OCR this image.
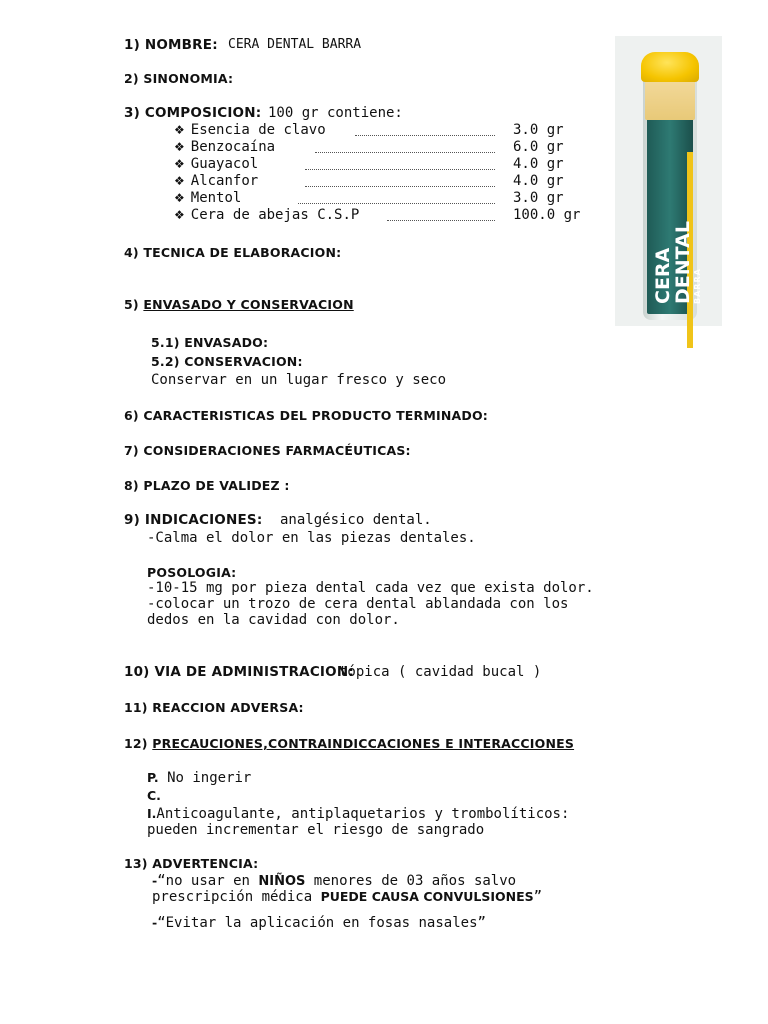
1) NOMBRE: CERA DENTAL BARRA
2) SINONOMIA:
3) COMPOSICION: 100 gr contiene:
❖ Esencia de clavo	3.0 gr
❖ Benzocaína	6.0 gr
❖ Guayacol	4.0 gr
❖ Alcanfor	4.0 gr
❖ Mentol	3.0 gr
❖ Cera de abejas C.S.P	100.0 gr
4) TECNICA DE ELABORACION:
5) ENVASADO Y CONSERVACION
5.1) ENVASADO:
5.2) CONSERVACION:
Conservar en un lugar fresco y seco
6) CARACTERISTICAS DEL PRODUCTO TERMINADO:
7) CONSIDERACIONES FARMACÉUTICAS:
8) PLAZO DE VALIDEZ :
9) INDICACIONES: analgésico dental.
-Calma el dolor en las piezas dentales.
POSOLOGIA:
-10-15 mg por pieza dental cada vez que exista dolor.
-colocar un trozo de cera dental ablandada con los
dedos en la cavidad con dolor.
10) VIA DE ADMINISTRACION:
tópica ( cavidad bucal )
11) REACCION ADVERSA:
12) PRECAUCIONES,CONTRAINDICCACIONES E INTERACCIONES
P. No ingerir
C.
I.Anticoagulante, antiplaquetarios y trombolíticos:
pueden incrementar el riesgo de sangrado
13) ADVERTENCIA:
-“no usar en NIÑOS menores de 03 años salvo
prescripción médica PUEDE CAUSA CONVULSIONES”
-“Evitar la aplicación en fosas nasales”
CERA
DENTAL BARRA
